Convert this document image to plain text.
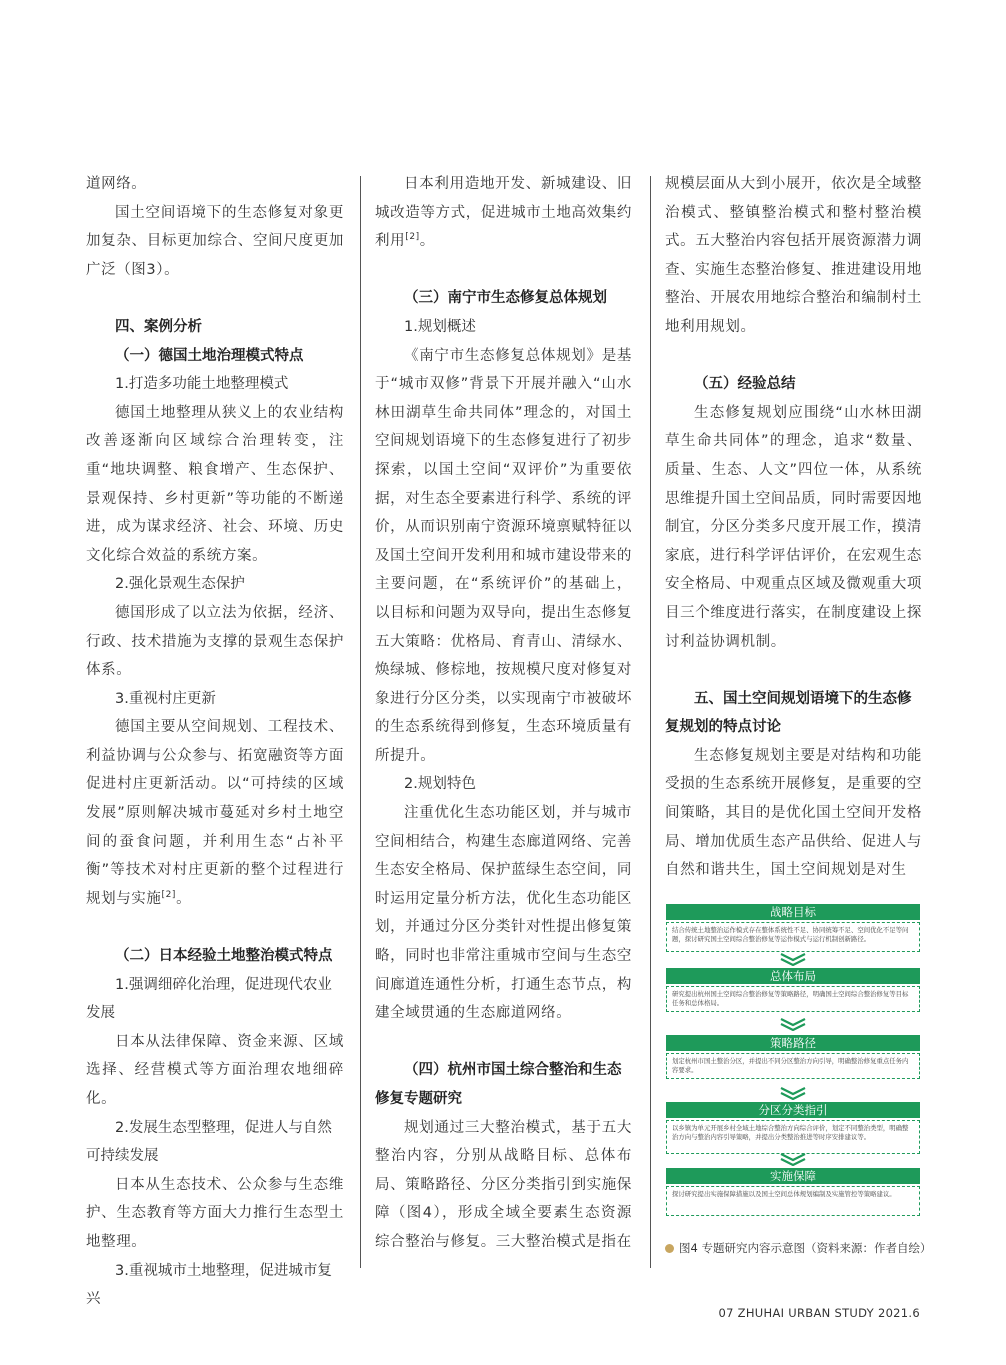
道网络。

国土空间语境下的生态修复对象更加复杂、目标更加综合、空间尺度更加广泛（图3）。

四、案例分析

（一）德国土地治理模式特点

1.打造多功能土地整理模式

德国土地整理从狭义上的农业结构改善逐渐向区域综合治理转变，注重“地块调整、粮食增产、生态保护、景观保持、乡村更新”等功能的不断递进，成为谋求经济、社会、环境、历史文化综合效益的系统方案。

2.强化景观生态保护

德国形成了以立法为依据，经济、行政、技术措施为支撑的景观生态保护体系。

3.重视村庄更新

德国主要从空间规划、工程技术、利益协调与公众参与、拓宽融资等方面促进村庄更新活动。以“可持续的区域发展”原则解决城市蔓延对乡村土地空间的蚕食问题，并利用生态“占补平衡”等技术对村庄更新的整个过程进行规划与实施[2]。

（二）日本经验土地整治模式特点

1.强调细碎化治理，促进现代农业发展

日本从法律保障、资金来源、区域选择、经营模式等方面治理农地细碎化。

2.发展生态型整理，促进人与自然可持续发展

日本从生态技术、公众参与生态维护、生态教育等方面大力推行生态型土地整理。

3.重视城市土地整理，促进城市复兴

日本利用造地开发、新城建设、旧城改造等方式，促进城市土地高效集约利用[2]。

（三）南宁市生态修复总体规划

1.规划概述

《南宁市生态修复总体规划》是基于“城市双修”背景下开展并融入“山水林田湖草生命共同体”理念的，对国土空间规划语境下的生态修复进行了初步探索，以国土空间“双评价”为重要依据，对生态全要素进行科学、系统的评价，从而识别南宁资源环境禀赋特征以及国土空间开发利用和城市建设带来的主要问题，在“系统评价”的基础上，以目标和问题为双导向，提出生态修复五大策略：优格局、育青山、清绿水、焕绿城、修棕地，按规模尺度对修复对象进行分区分类，以实现南宁市被破坏的生态系统得到修复，生态环境质量有所提升。

2.规划特色

注重优化生态功能区划，并与城市空间相结合，构建生态廊道网络、完善生态安全格局、保护蓝绿生态空间，同时运用定量分析方法，优化生态功能区划，并通过分区分类针对性提出修复策略，同时也非常注重城市空间与生态空间廊道连通性分析，打通生态节点，构建全域贯通的生态廊道网络。

（四）杭州市国土综合整治和生态修复专题研究

规划通过三大整治模式，基于五大整治内容，分别从战略目标、总体布局、策略路径、分区分类指引到实施保障（图4），形成全域全要素生态资源综合整治与修复。三大整治模式是指在

规模层面从大到小展开，依次是全域整治模式、整镇整治模式和整村整治模式。五大整治内容包括开展资源潜力调查、实施生态整治修复、推进建设用地整治、开展农用地综合整治和编制村土地利用规划。

（五）经验总结

生态修复规划应围绕“山水林田湖草生命共同体”的理念，追求“数量、质量、生态、人文”四位一体，从系统思维提升国土空间品质，同时需要因地制宜，分区分类多尺度开展工作，摸清家底，进行科学评估评价，在宏观生态安全格局、中观重点区域及微观重大项目三个维度进行落实，在制度建设上探讨利益协调机制。

五、国土空间规划语境下的生态修复规划的特点讨论

生态修复规划主要是对结构和功能受损的生态系统开展修复，是重要的空间策略，其目的是优化国土空间开发格局、增加优质生态产品供给、促进人与自然和谐共生，国土空间规划是对生

战略目标
结合传统土地整治运作模式存在整体系统性不足、协同统筹不足、空间优化不足等问题，探讨研究国土空间综合整治修复等运作模式与运行机制创新路径。
总体布局
研究提出杭州国土空间综合整治修复等策略路径，明确国土空间综合整治修复等目标任务和总体格局。
策略路径
划定杭州市国土整治分区，并提出不同分区整治方向引导，明确整治修复重点任务内容要求。
分区分类指引
以乡镇为单元开展乡村全域土地综合整治方向综合评价，划定不同整治类型，明确整治方向与整治内容引导策略，并提出分类整治推进等时序安排建议等。
实施保障
探讨研究提出实施保障措施以及国土空间总体规划编制及实施管控等策略建议。
图4 专题研究内容示意图（资料来源：作者自绘）
07 ZHUHAI URBAN STUDY 2021.6
